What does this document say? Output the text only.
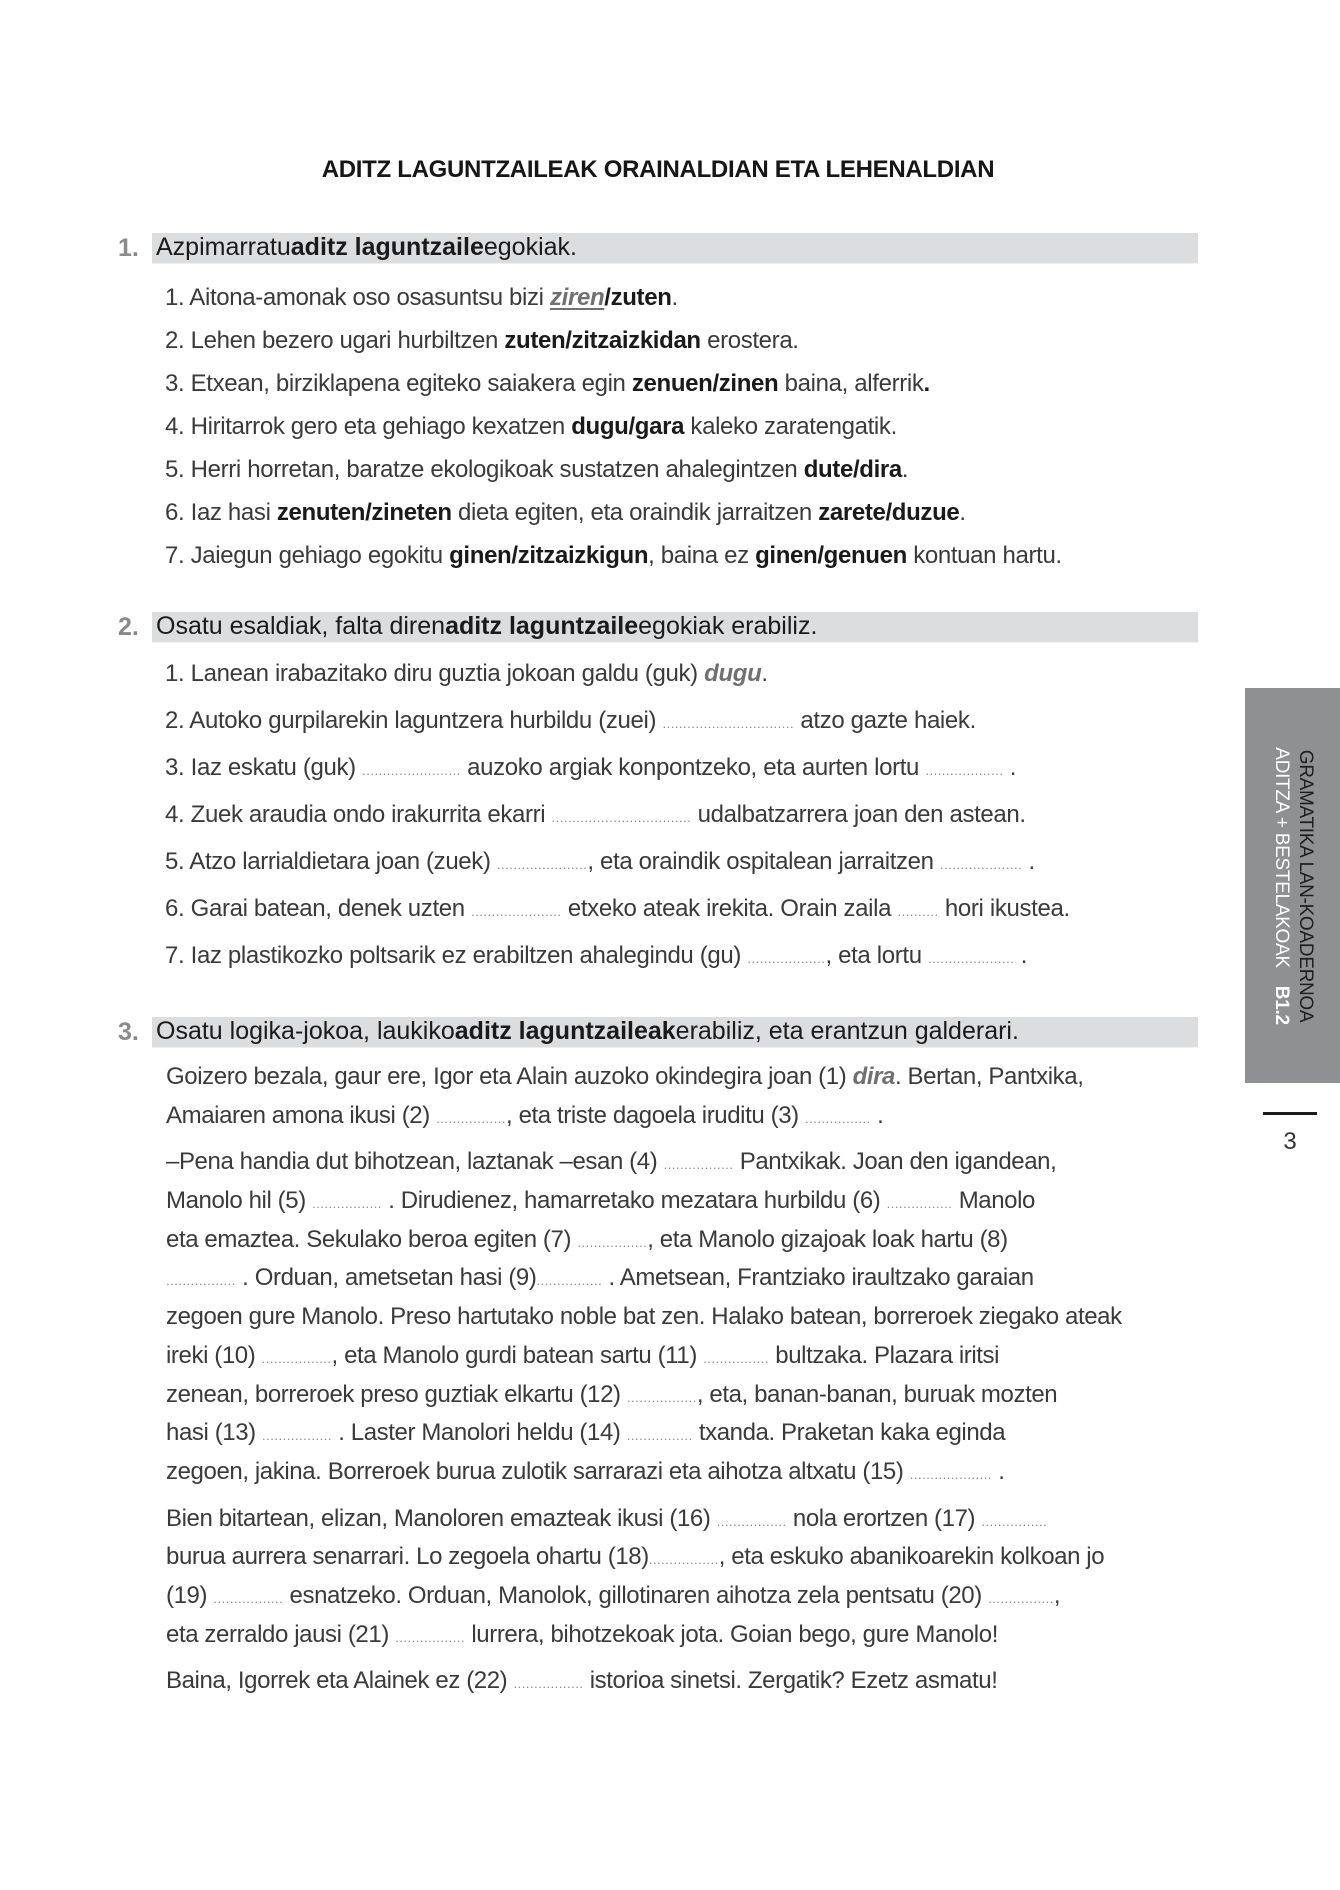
ADITZ LAGUNTZAILEAK ORAINALDIAN ETA LEHENALDIAN
1. Azpimarratu aditz laguntzaile egokiak.
1. Aitona-amonak oso osasuntsu bizi ziren/zuten.
2. Lehen bezero ugari hurbiltzen zuten/zitzaizkidan erostera.
3. Etxean, birziklapena egiteko saiakera egin zenuen/zinen baina, alferrik.
4. Hiritarrok gero eta gehiago kexatzen dugu/gara kaleko zaratengatik.
5. Herri horretan, baratze ekologikoak sustatzen ahalegintzen dute/dira.
6. Iaz hasi zenuten/zineten dieta egiten, eta oraindik jarraitzen zarete/duzue.
7. Jaiegun gehiago egokitu ginen/zitzaizkigun, baina ez ginen/genuen kontuan hartu.
2. Osatu esaldiak, falta diren aditz laguntzaile egokiak erabiliz.
1. Lanean irabazitako diru guztia jokoan galdu (guk) dugu.
2. Autoko gurpilarekin laguntzera hurbildu (zuei) ................................ atzo gazte haiek.
3. Iaz eskatu (guk) ........................ auzoko argiak konpontzeko, eta aurten lortu ................... .
4. Zuek araudia ondo irakurrita ekarri .................................. udalbatzarrera joan den astean.
5. Atzo larrialdietara joan (zuek) ......................, eta oraindik ospitalean jarraitzen .................... .
6. Garai batean, denek uzten ...................... etxeko ateak irekita. Orain zaila .......... hori ikustea.
7. Iaz plastikozko poltsarik ez erabiltzen ahalegindu (gu) ..................., eta lortu ..................... .
3. Osatu logika-jokoa, laukiko aditz laguntzaileak erabiliz, eta erantzun galderari.
Goizero bezala, gaur ere, Igor eta Alain auzoko okindegira joan (1) dira. Bertan, Pantxika,
Amaiaren amona ikusi (2) ................., eta triste dagoela iruditu (3) ................ .
–Pena handia dut bihotzean, laztanak –esan (4) ................. Pantxikak. Joan den igandean,
Manolo hil (5) ................. . Dirudienez, hamarretako mezatara hurbildu (6) ................ Manolo
eta emaztea. Sekulako beroa egiten (7) ................., eta Manolo gizajoak loak hartu (8)
................. . Orduan, ametsetan hasi (9)................ . Ametsean, Frantziako iraultzako garaian
zegoen gure Manolo. Preso hartutako noble bat zen. Halako batean, borreroek ziegako ateak
ireki (10) ................., eta Manolo gurdi batean sartu (11) ................ bultzaka. Plazara iritsi
zenean, borreroek preso guztiak elkartu (12) ................., eta, banan-banan, buruak mozten
hasi (13) ................. . Laster Manolori heldu (14) ................ txanda. Praketan kaka eginda
zegoen, jakina. Borreroek burua zulotik sarrarazi eta aihotza altxatu (15) .................... .
Bien bitartean, elizan, Manoloren emazteak ikusi (16) ................. nola erortzen (17) ................
burua aurrera senarrari. Lo zegoela ohartu (18)................., eta eskuko abanikoarekin kolkoan jo
(19) ................. esnatzeko. Orduan, Manolok, gillotinaren aihotza zela pentsatu (20) ................,
eta zerraldo jausi (21) ................. lurrera, bihotzekoak jota. Goian bego, gure Manolo!
Baina, Igorrek eta Alainek ez (22) ................. istorioa sinetsi. Zergatik? Ezetz asmatu!
GRAMATIKA LAN-KOADERNOA
ADITZA + BESTELAKOAKB1.2
3
